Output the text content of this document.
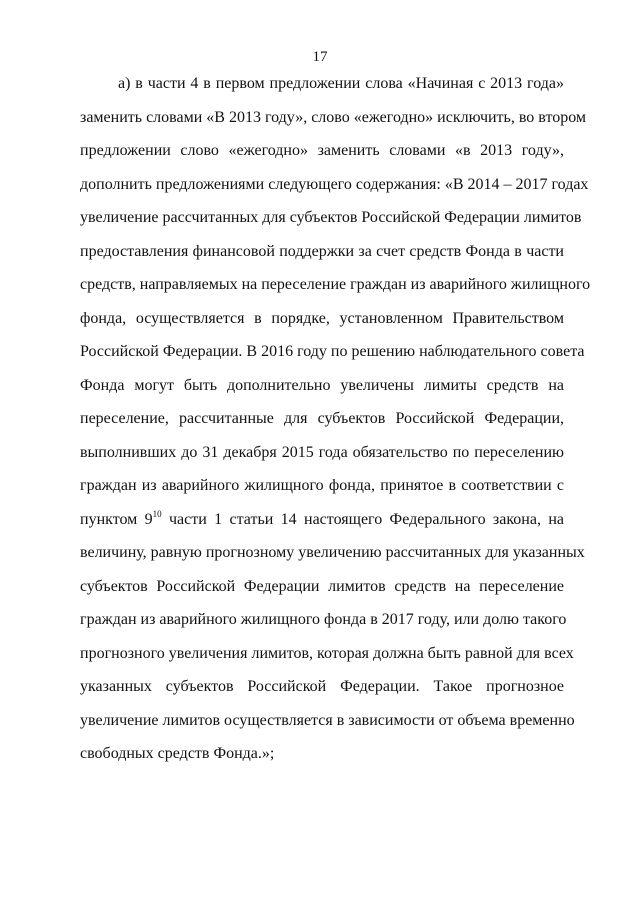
17
а) в части 4 в первом предложении слова «Начиная с 2013 года»
заменить словами «В 2013 году», слово «ежегодно» исключить, во втором
предложении слово «ежегодно» заменить словами «в 2013 году»,
дополнить предложениями следующего содержания: «В 2014 – 2017 годах
увеличение рассчитанных для субъектов Российской Федерации лимитов
предоставления финансовой поддержки за счет средств Фонда в части
средств, направляемых на переселение граждан из аварийного жилищного
фонда, осуществляется в порядке, установленном Правительством
Российской Федерации. В 2016 году по решению наблюдательного совета
Фонда могут быть дополнительно увеличены лимиты средств на
переселение, рассчитанные для субъектов Российской Федерации,
выполнивших до 31 декабря 2015 года обязательство по переселению
граждан из аварийного жилищного фонда, принятое в соответствии с
пунктом $9^{10}$ части 1 статьи 14 настоящего Федерального закона, на
величину, равную прогнозному увеличению рассчитанных для указанных
субъектов Российской Федерации лимитов средств на переселение
граждан из аварийного жилищного фонда в 2017 году, или долю такого
прогнозного увеличения лимитов, которая должна быть равной для всех
указанных субъектов Российской Федерации. Такое прогнозное
увеличение лимитов осуществляется в зависимости от объема временно
свободных средств Фонда.»;
